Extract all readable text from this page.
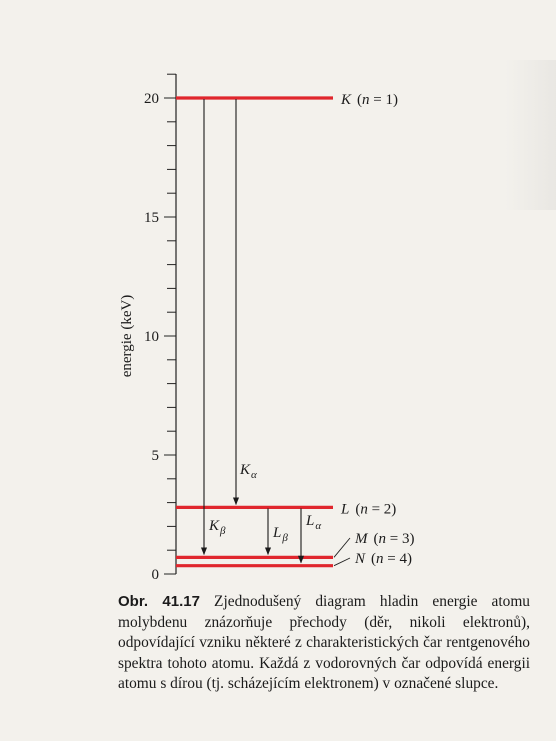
0
5
10
15
20
energie (keV)
K (n = 1)
L (n = 2)
M (n = 3)
N (n = 4)
$K_\beta$
$K_\alpha$
$L_\beta$
$L_\alpha$

Obr. 41.17 Zjednodušený diagram hladin energie atomu molybdenu znázorňuje přechody (děr, nikoli elektronů), odpovídající vzniku některé z charakteristických čar rentgenového spektra tohoto atomu. Každá z vodorovných čar odpovídá energii atomu s dírou (tj. scházejícím elektronem) v označené slupce.
